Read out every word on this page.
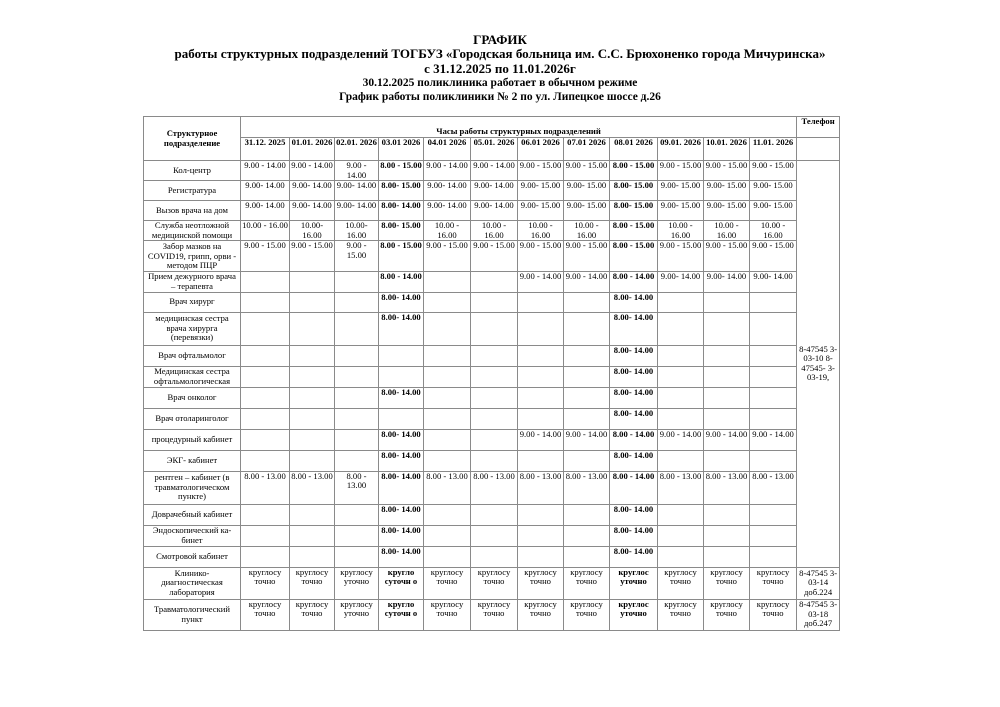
ГРАФИК
работы структурных подразделений ТОГБУЗ «Городская больница им. С.С. Брюхоненко города Мичуринска»
с 31.12.2025 по 11.01.2026г
30.12.2025 поликлиника работает в обычном режиме
График работы поликлиники № 2 по ул. Липецкое шоссе д.26
Структурное подразделение	Часы работы структурных подразделений												Телефон
	31.12. 2025	01.01. 2026	02.01. 2026	03.01 2026	04.01 2026	05.01. 2026	06.01 2026	07.01 2026	08.01 2026	09.01. 2026	10.01. 2026	11.01. 2026	
Кол-центр	9.00 - 14.00	9.00 - 14.00	9.00 - 14.00	8.00 - 15.00	9.00 - 14.00	9.00 - 14.00	9.00 - 15.00	9.00 - 15.00	8.00 - 15.00	9.00 - 15.00	9.00 - 15.00	9.00 - 15.00	8-47545 3-03-10 8-47545- 3-03-19,
Регистратура	9.00- 14.00	9.00- 14.00	9.00- 14.00	8.00- 15.00	9.00- 14.00	9.00- 14.00	9.00- 15.00	9.00- 15.00	8.00- 15.00	9.00- 15.00	9.00- 15.00	9.00- 15.00	
Вызов врача на дом	9.00- 14.00	9.00- 14.00	9.00- 14.00	8.00- 14.00	9.00- 14.00	9.00- 14.00	9.00- 15.00	9.00- 15.00	8.00- 15.00	9.00- 15.00	9.00- 15.00	9.00- 15.00	
Служба неотложной медицинской помощи	10.00 - 16.00	10.00- 16.00	10.00- 16.00	8.00- 15.00	10.00 - 16.00	10.00 - 16.00	10.00 - 16.00	10.00 - 16.00	8.00 - 15.00	10.00 - 16.00	10.00 - 16.00	10.00 - 16.00	
Забор мазков на COVID19, грипп, орви - методом ПЦР	9.00 - 15.00	9.00 - 15.00	9.00 - 15.00	8.00 - 15.00	9.00 - 15.00	9.00 - 15.00	9.00 - 15.00	9.00 - 15.00	8.00 - 15.00	9.00 - 15.00	9.00 - 15.00	9.00 - 15.00	
Прием дежурного врача – терапевта				8.00 - 14.00			9.00 - 14.00	9.00 - 14.00	8.00 - 14.00	9.00- 14.00	9.00- 14.00	9.00- 14.00	
Врач хирург				8.00- 14.00					8.00- 14.00				
медицинская сестра врача хирурга (перевязки)				8.00- 14.00					8.00- 14.00				
Врач офтальмолог									8.00- 14.00				
Медицинская сестра офтальмологическая									8.00- 14.00				
Врач онколог				8.00- 14.00					8.00- 14.00				
Врач отоларинголог									8.00- 14.00				
процедурный кабинет				8.00- 14.00			9.00 - 14.00	9.00 - 14.00	8.00 - 14.00	9.00 - 14.00	9.00 - 14.00	9.00 - 14.00	
ЭКГ- кабинет				8.00- 14.00					8.00- 14.00				
рентген – кабинет (в травматологическом пункте)	8.00 - 13.00	8.00 - 13.00	8.00 - 13.00	8.00- 14.00	8.00 - 13.00	8.00 - 13.00	8.00 - 13.00	8.00 - 13.00	8.00 - 14.00	8.00 - 13.00	8.00 - 13.00	8.00 - 13.00	
Доврачебный кабинет				8.00- 14.00					8.00- 14.00				
Эндоскопический ка- бинет				8.00- 14.00					8.00- 14.00				
Смотровой кабинет				8.00- 14.00					8.00- 14.00				
Клинико- диагностическая лаборатория	круглосу точно	круглосу точно	круглосу уточно	кругло суточн о	круглосу точно	круглосу точно	круглосу точно	круглосу точно	круглос уточно	круглосу точно	круглосу точно	круглосу точно	8-47545 3-03-14 доб.224
Травматологический пункт	круглосу точно	круглосу точно	круглосу уточно	кругло суточн о	круглосу точно	круглосу точно	круглосу точно	круглосу точно	круглос уточно	круглосу точно	круглосу точно	круглосу точно	8-47545 3-03-18 доб.247
